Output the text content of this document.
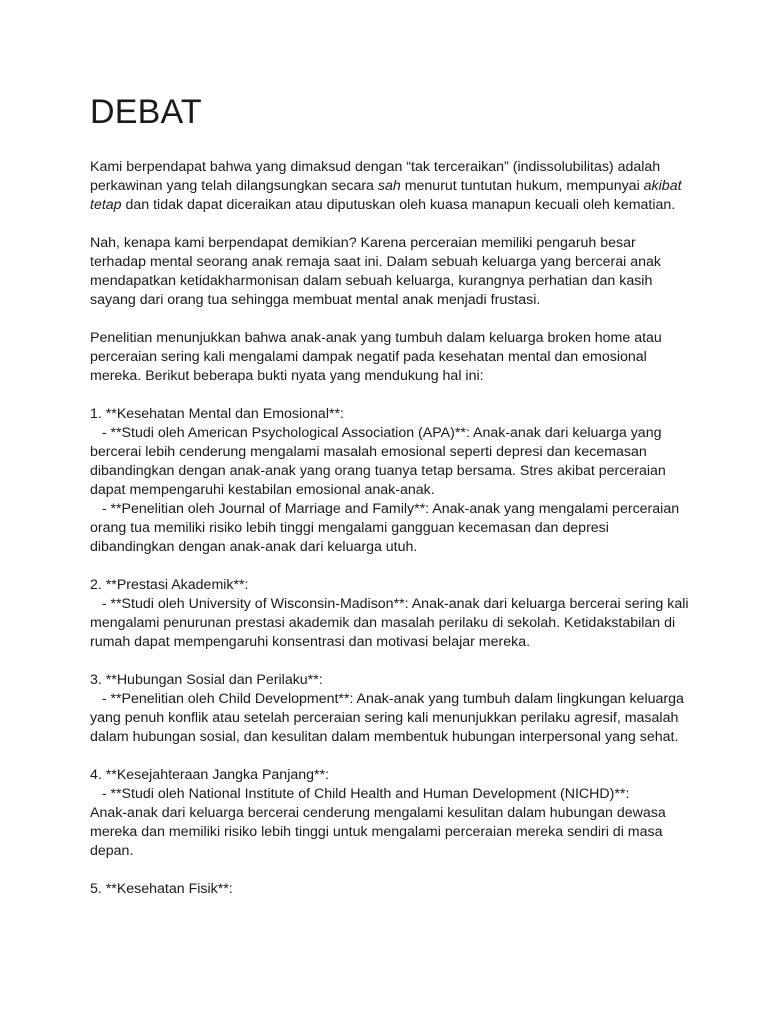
DEBAT

Kami berpendapat bahwa yang dimaksud dengan “tak terceraikan” (indissolubilitas) adalah
perkawinan yang telah dilangsungkan secara sah menurut tuntutan hukum, mempunyai akibat
tetap dan tidak dapat diceraikan atau diputuskan oleh kuasa manapun kecuali oleh kematian.

Nah, kenapa kami berpendapat demikian? Karena perceraian memiliki pengaruh besar
terhadap mental seorang anak remaja saat ini. Dalam sebuah keluarga yang bercerai anak
mendapatkan ketidakharmonisan dalam sebuah keluarga, kurangnya perhatian dan kasih
sayang dari orang tua sehingga membuat mental anak menjadi frustasi.

Penelitian menunjukkan bahwa anak-anak yang tumbuh dalam keluarga broken home atau
perceraian sering kali mengalami dampak negatif pada kesehatan mental dan emosional
mereka. Berikut beberapa bukti nyata yang mendukung hal ini:

1. **Kesehatan Mental dan Emosional**:
- **Studi oleh American Psychological Association (APA)**: Anak-anak dari keluarga yang
bercerai lebih cenderung mengalami masalah emosional seperti depresi dan kecemasan
dibandingkan dengan anak-anak yang orang tuanya tetap bersama. Stres akibat perceraian
dapat mempengaruhi kestabilan emosional anak-anak.
- **Penelitian oleh Journal of Marriage and Family**: Anak-anak yang mengalami perceraian
orang tua memiliki risiko lebih tinggi mengalami gangguan kecemasan dan depresi
dibandingkan dengan anak-anak dari keluarga utuh.

2. **Prestasi Akademik**:
- **Studi oleh University of Wisconsin-Madison**: Anak-anak dari keluarga bercerai sering kali
mengalami penurunan prestasi akademik dan masalah perilaku di sekolah. Ketidakstabilan di
rumah dapat mempengaruhi konsentrasi dan motivasi belajar mereka.

3. **Hubungan Sosial dan Perilaku**:
- **Penelitian oleh Child Development**: Anak-anak yang tumbuh dalam lingkungan keluarga
yang penuh konflik atau setelah perceraian sering kali menunjukkan perilaku agresif, masalah
dalam hubungan sosial, dan kesulitan dalam membentuk hubungan interpersonal yang sehat.

4. **Kesejahteraan Jangka Panjang**:
- **Studi oleh National Institute of Child Health and Human Development (NICHD)**:
Anak-anak dari keluarga bercerai cenderung mengalami kesulitan dalam hubungan dewasa
mereka dan memiliki risiko lebih tinggi untuk mengalami perceraian mereka sendiri di masa
depan.

5. **Kesehatan Fisik**:
